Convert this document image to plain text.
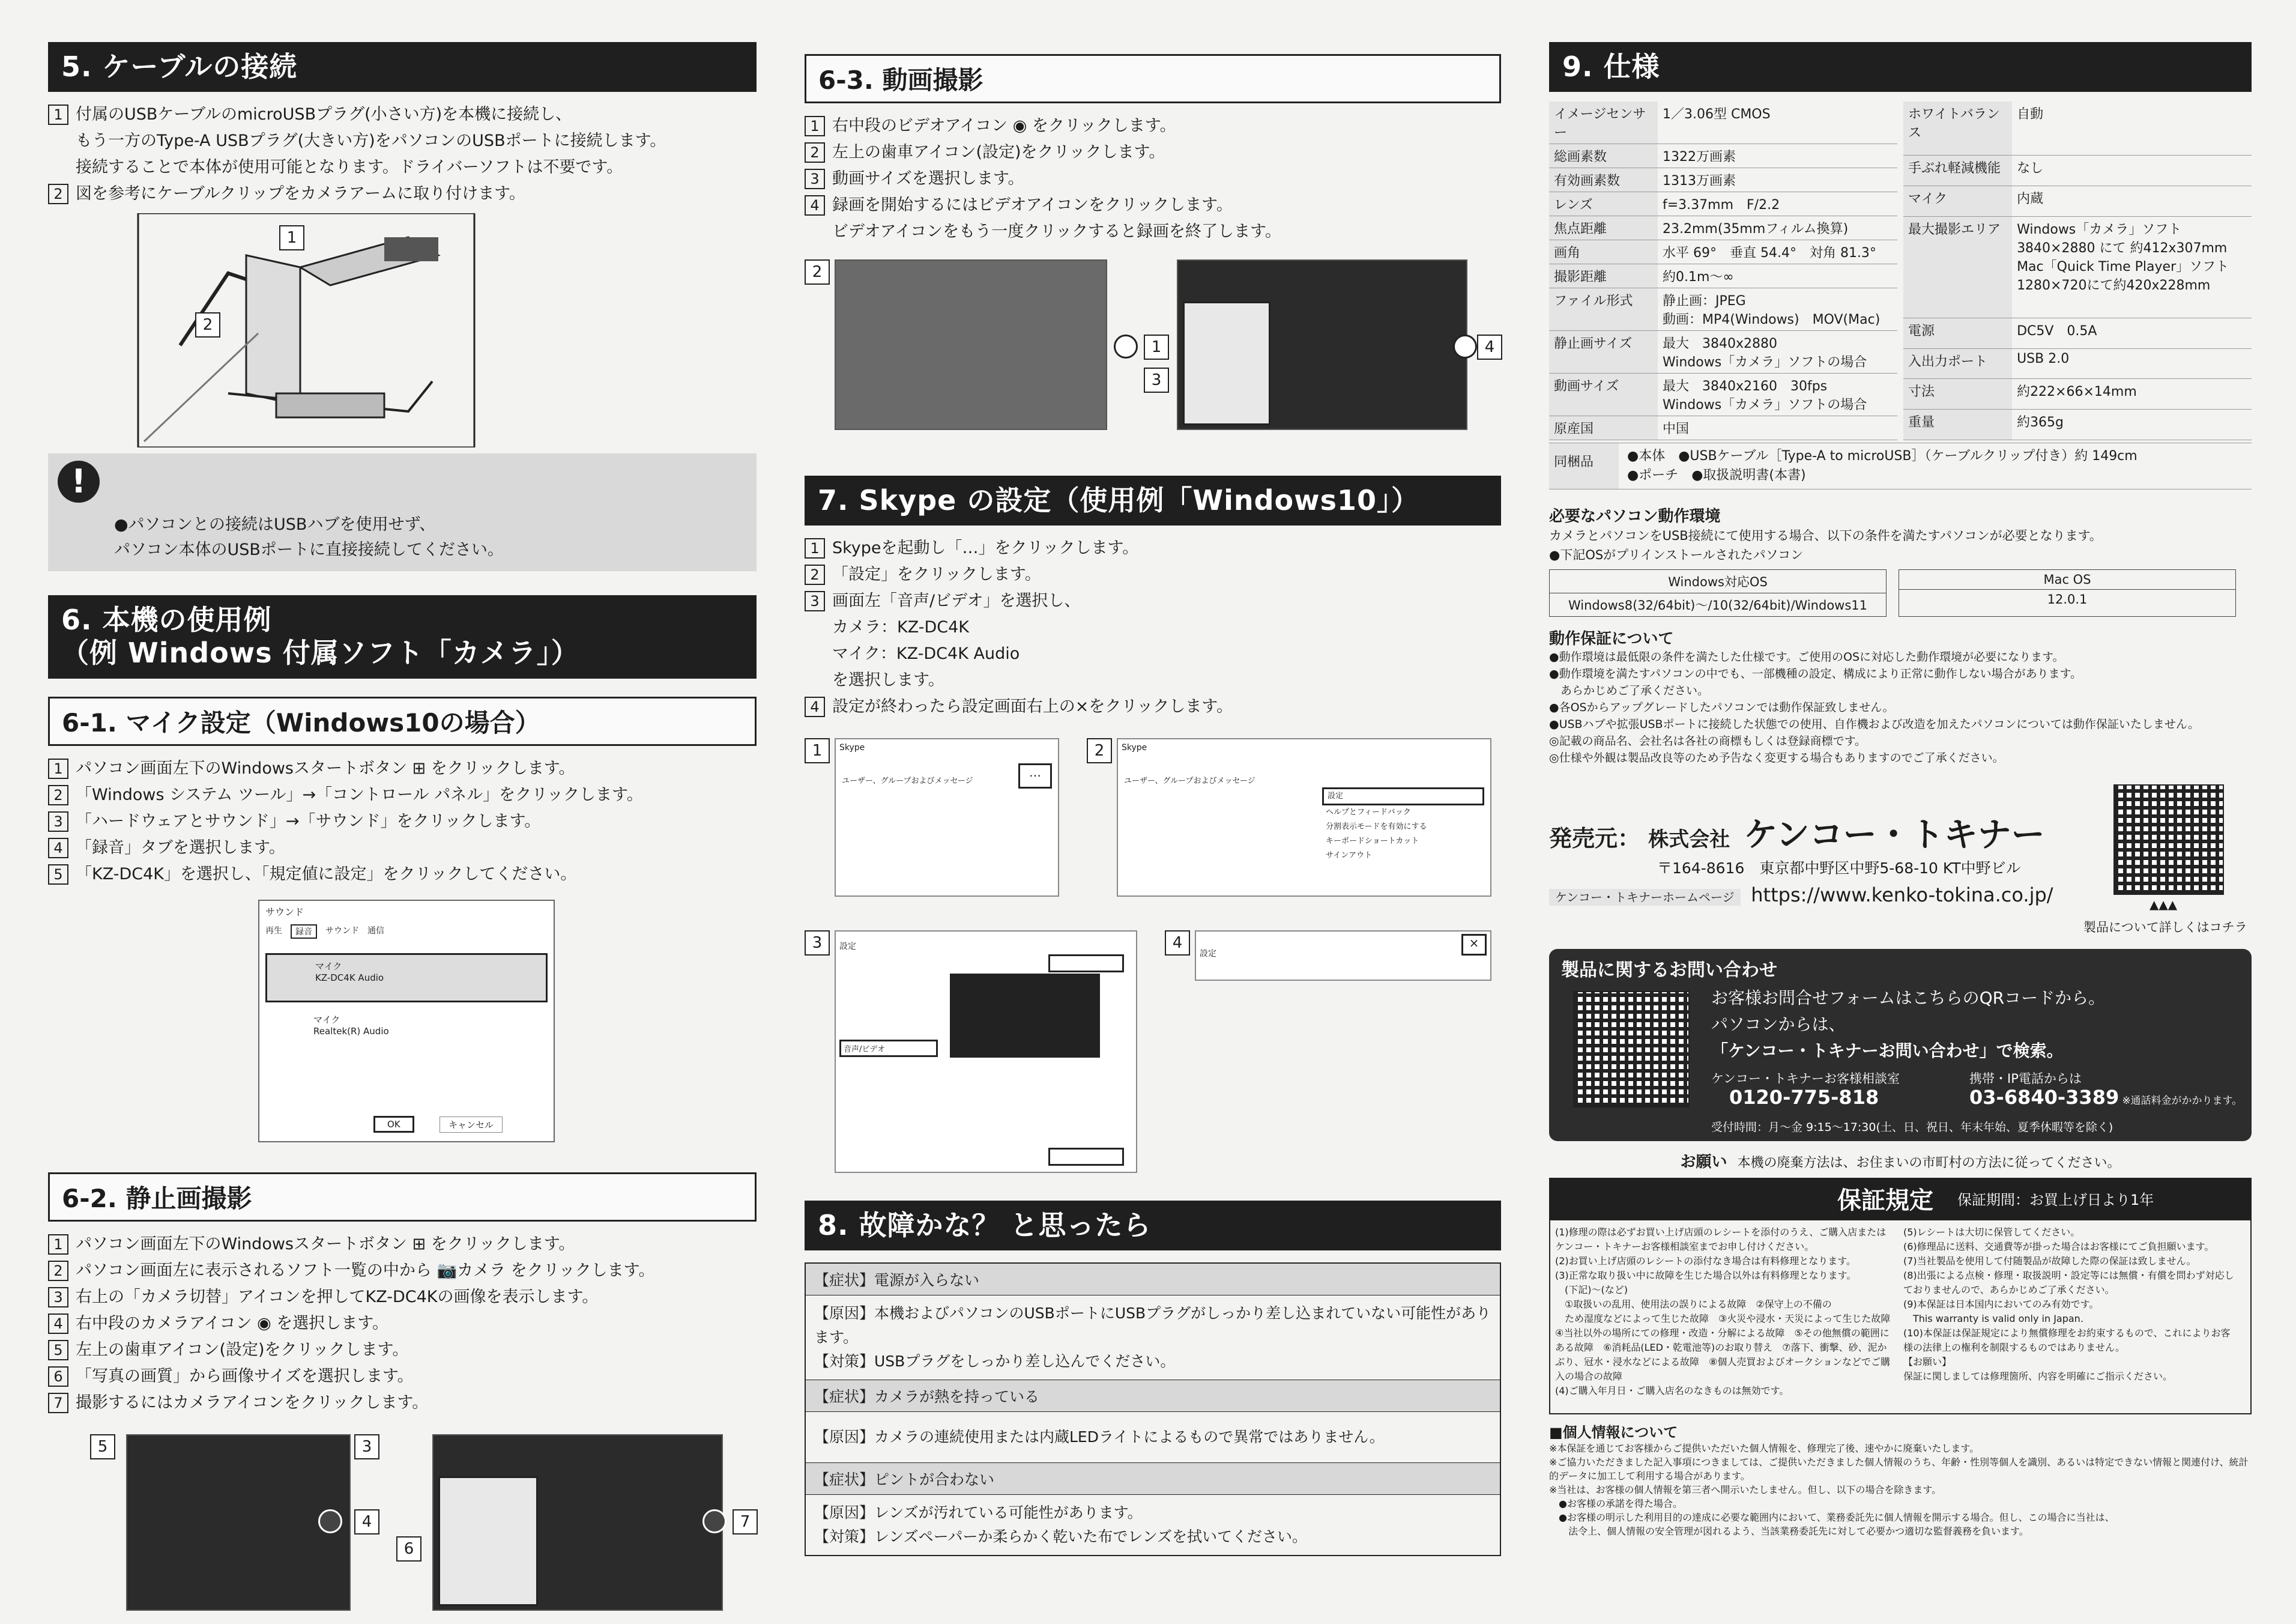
5. ケーブルの接続
1 付属のUSBケーブルのmicroUSBプラグ(小さい方)を本機に接続し、
もう一方のType-A USBプラグ(大きい方)をパソコンのUSBポートに接続します。
接続することで本体が使用可能となります。ドライバーソフトは不要です。
2 図を参考にケーブルクリップをカメラアームに取り付けます。
1
2

!

●パソコンとの接続はUSBハブを使用せず、
パソコン本体のUSBポートに直接接続してください。

6. 本機の使用例
（例 Windows 付属ソフト「カメラ」）
6-1. マイク設定（Windows10の場合）
1 パソコン画面左下のWindowsスタートボタン ⊞ をクリックします。
2 「Windows システム ツール」→「コントロール パネル」をクリックします。
3 「ハードウェアとサウンド」→「サウンド」をクリックします。
4 「録音」タブを選択します。
5 「KZ-DC4K」を選択し、「規定値に設定」をクリックしてください。
サウンド
再生	録音	サウンド 通信
マイク
KZ-DC4K Audio
マイク
Realtek(R) Audio
OK	キャンセル
6-2. 静止画撮影
1 パソコン画面左下のWindowsスタートボタン ⊞ をクリックします。
2 パソコン画面左に表示されるソフト一覧の中から 📷カメラ をクリックします。
3 右上の「カメラ切替」アイコンを押してKZ-DC4Kの画像を表示します。
4 右中段のカメラアイコン ◉ を選択します。
5 左上の歯車アイコン(設定)をクリックします。
6 「写真の画質」から画像サイズを選択します。
7 撮影するにはカメラアイコンをクリックします。
5	3
4
6
7
6-3. 動画撮影
1 右中段のビデオアイコン ◉ をクリックします。
2 左上の歯車アイコン(設定)をクリックします。
3 動画サイズを選択します。
4 録画を開始するにはビデオアイコンをクリックします。
ビデオアイコンをもう一度クリックすると録画を終了します。
2
1
3
4
7. Skype の設定（使用例「Windows10」）
1 Skypeを起動し「…」をクリックします。
2 「設定」をクリックします。
3 画面左「音声/ビデオ」を選択し、
カメラ：KZ-DC4K
マイク：KZ-DC4K Audio
を選択します。
4 設定が終わったら設定画面右上の×をクリックします。
1	Skype
ユーザー、グループおよびメッセージ
…
2	Skype
ユーザー、グループおよびメッセージ
設定
ヘルプとフィードバック
分割表示モードを有効にする
キーボードショートカット
サインアウト
3	設定
音声/ビデオ
4
設定
×
8. 故障かな？ と思ったら
【症状】電源が入らない
【原因】本機およびパソコンのUSBポートにUSBプラグがしっかり差し込まれていない可能性があります。
【対策】USBプラグをしっかり差し込んでください。
【症状】カメラが熱を持っている
【原因】カメラの連続使用または内蔵LEDライトによるもので異常ではありません。
【症状】ピントが合わない
【原因】レンズが汚れている可能性があります。
【対策】レンズペーパーか柔らかく乾いた布でレンズを拭いてください。
9. 仕様
イメージセンサー	1／3.06型 CMOS
総画素数	1322万画素
有効画素数	1313万画素
レンズ	f=3.37mm　F/2.2
焦点距離	23.2mm(35mmフィルム換算)
画角	水平 69°　垂直 54.4°　対角 81.3°
撮影距離	約0.1m〜∞
ファイル形式	静止画：JPEG
動画：MP4(Windows)　MOV(Mac)
静止画サイズ	最大　3840x2880
Windows「カメラ」ソフトの場合
動画サイズ	最大　3840x2160　30fps
Windows「カメラ」ソフトの場合
原産国	中国
ホワイトバランス	自動
手ぶれ軽減機能	なし
マイク	内蔵
最大撮影エリア	Windows「カメラ」ソフト
3840×2880 にて 約412x307mm
Mac「Quick Time Player」ソフト
1280×720にて約420x228mm
電源	DC5V　0.5A
入出力ポート	USB 2.0
寸法	約222×66×14mm
重量	約365g
同梱品	●本体　●USBケーブル［Type-A to microUSB］（ケーブルクリップ付き）約 149cm
●ポーチ　●取扱説明書(本書)
必要なパソコン動作環境
カメラとパソコンをUSB接続にて使用する場合、以下の条件を満たすパソコンが必要となります。
●下記OSがプリインストールされたパソコン
Windows対応OS
Windows8(32/64bit)〜/10(32/64bit)/Windows11
Mac OS
12.0.1
動作保証について
●動作環境は最低限の条件を満たした仕様です。ご使用のOSに対応した動作環境が必要になります。
●動作環境を満たすパソコンの中でも、一部機種の設定、構成により正常に動作しない場合があります。
　あらかじめご了承ください。
●各OSからアップグレードしたパソコンでは動作保証致しません。
●USBハブや拡張USBポートに接続した状態での使用、自作機および改造を加えたパソコンについては動作保証いたしません。
◎記載の商品名、会社名は各社の商標もしくは登録商標です。
◎仕様や外観は製品改良等のため予告なく変更する場合もありますのでご了承ください。
発売元： 株式会社 ケンコー・トキナー
〒164-8616　東京都中野区中野5-68-10 KT中野ビル
ケンコー・トキナーホームページ https://www.kenko-tokina.co.jp/	▲▲▲
製品について詳しくはコチラ
製品に関するお問い合わせ
お客様お問合せフォームはこちらのQRコードから。
パソコンからは、
「ケンコー・トキナーお問い合わせ」で検索。
ケンコー・トキナーお客様相談室
0120-775-818
携帯・IP電話からは
03-6840-3389 ※通話料金がかかります。
受付時間：月〜金 9:15〜17:30(土、日、祝日、年末年始、夏季休暇等を除く)
お願い 本機の廃棄方法は、お住まいの市町村の方法に従ってください。
保証規定 保証期間：お買上げ日より1年
(1)修理の際は必ずお買い上げ店頭のレシートを添付のうえ、ご購入店またはケンコー・トキナーお客様相談室までお申し付けください。
(2)お買い上げ店頭のレシートの添付なき場合は有料修理となります。
(3)正常な取り扱い中に故障を生じた場合以外は有料修理となります。
　(下記)〜(など)
　①取扱いの乱用、使用法の誤りによる故障　②保守上の不備の
　ため湿度などによって生じた故障　③火災や浸水・天災によって生じた故障　④当社以外の場所にての修理・改造・分解による故障　⑤その他無償の範囲にある故障　⑥消耗品(LED・乾電池等)のお取り替え　⑦落下、衝撃、砂、泥かぶり、冠水・浸水などによる故障　⑧個人売買およびオークションなどでご購入の場合の故障
(4)ご購入年月日・ご購入店名のなきものは無効です。
(5)レシートは大切に保管してください。
(6)修理品に送料、交通費等が掛った場合はお客様にてご負担願います。
(7)当社製品を使用して付随製品が故障した際の保証は致しません。
(8)出張による点検・修理・取扱説明・設定等には無償・有償を問わず対応しておりませんので、あらかじめご了承ください。
(9)本保証は日本国内においてのみ有効です。
　This warranty is valid only in Japan.
(10)本保証は保証規定により無償修理をお約束するもので、これによりお客様の法律上の権利を制限するものではありません。
【お願い】
保証に関しましては修理箇所、内容を明確にご指示ください。
■個人情報について
※本保証を通じてお客様からご提供いただいた個人情報を、修理完了後、速やかに廃棄いたします。
※ご協力いただきました記入事項につきましては、ご提供いただきました個人情報のうち、年齢・性別等個人を識別、あるいは特定できない情報と関連付け、統計的データに加工して利用する場合があります。
※当社は、お客様の個人情報を第三者へ開示いたしません。但し、以下の場合を除きます。
　●お客様の承諾を得た場合。
　●お客様の明示した利用目的の達成に必要な範囲内において、業務委託先に個人情報を開示する場合。但し、この場合に当社は、
　　法令上、個人情報の安全管理が図れるよう、当該業務委託先に対して必要かつ適切な監督義務を負います。
